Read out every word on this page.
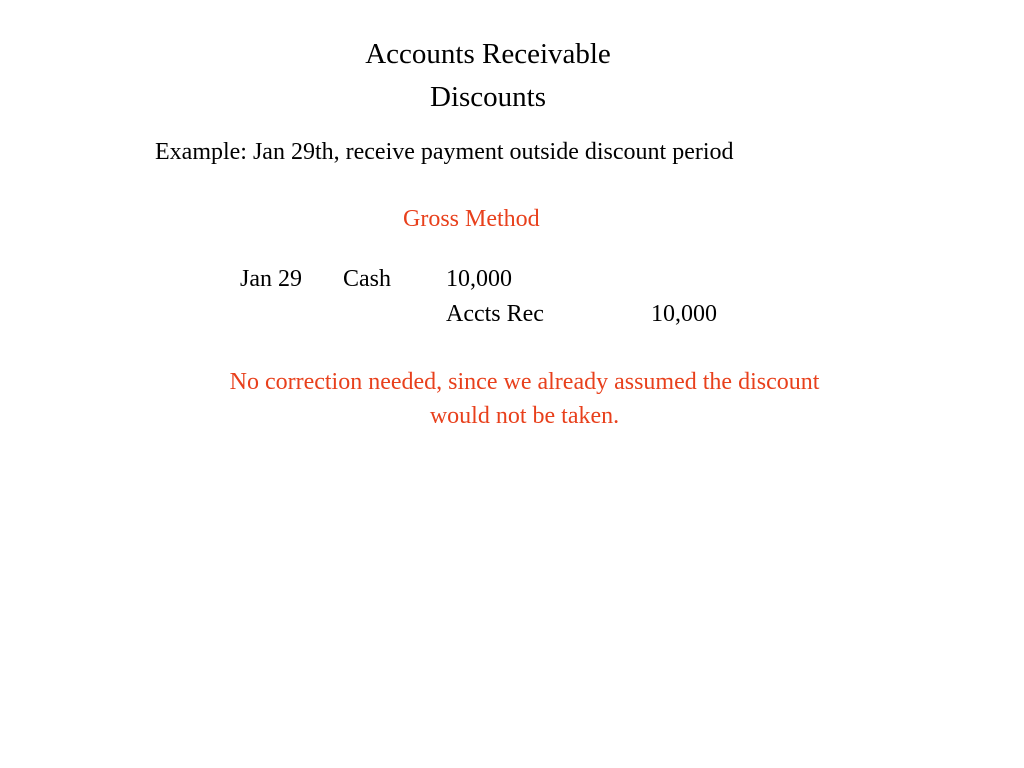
Accounts Receivable
Discounts
Example: Jan 29th, receive payment outside discount period
Gross Method
Jan 29 Cash 10,000
Accts Rec	10,000
No correction needed, since we already assumed the discount
would not be taken.
